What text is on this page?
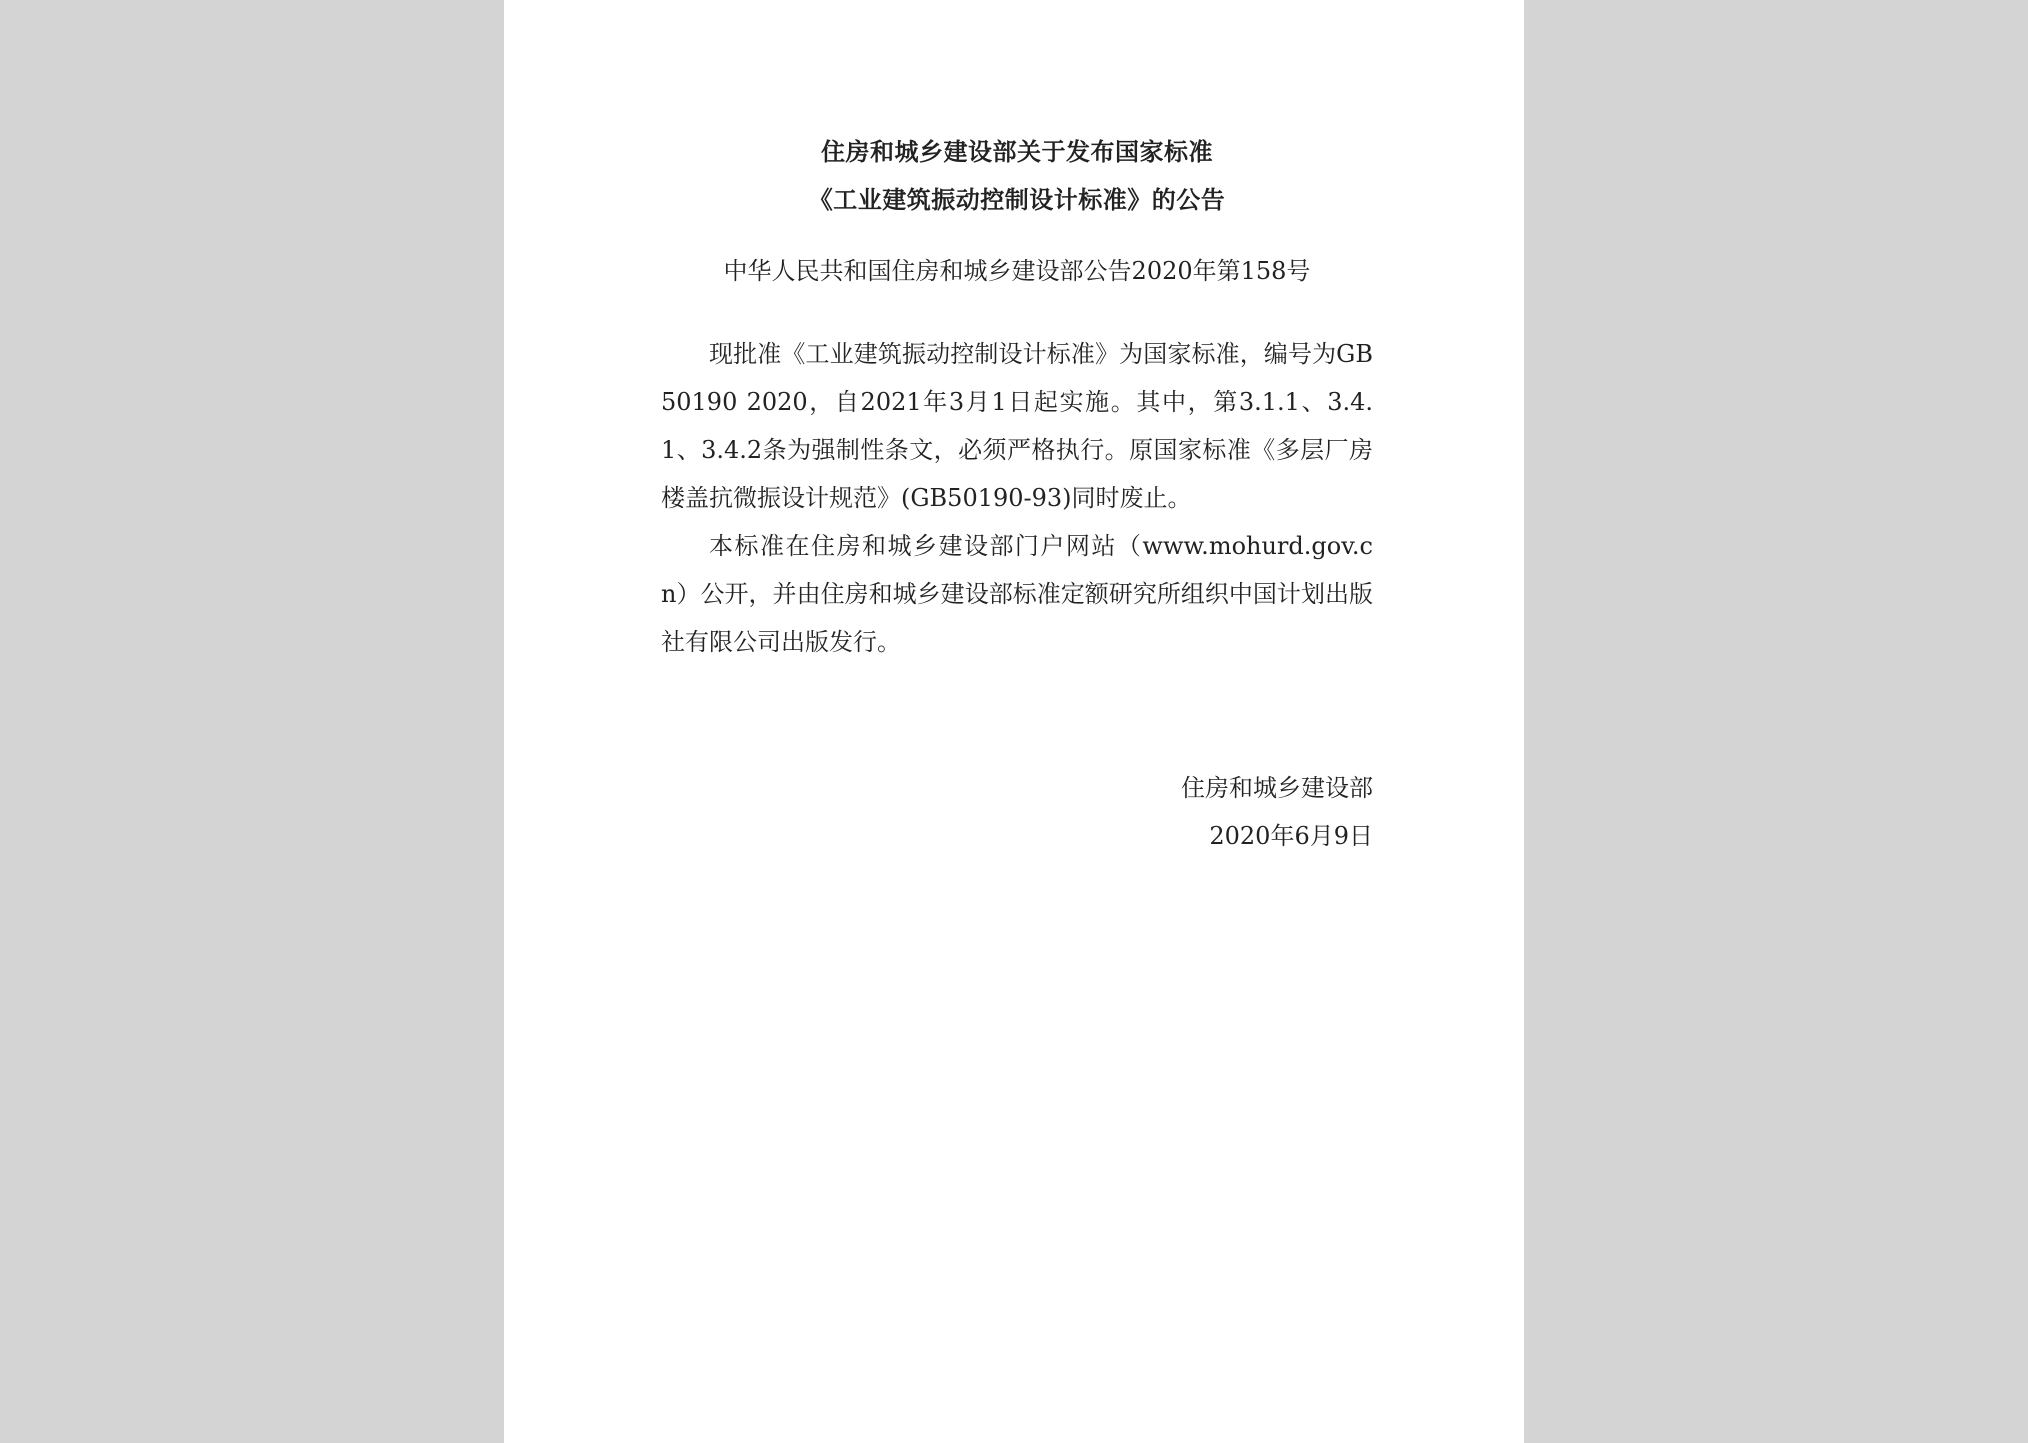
住房和城乡建设部关于发布国家标准
《工业建筑振动控制设计标准》的公告

中华人民共和国住房和城乡建设部公告2020年第158号

现批准《工业建筑振动控制设计标准》为国家标准，编号为GB50190 2020，自2021年3月1日起实施。其中，第3.1.1、3.4.1、3.4.2条为强制性条文，必须严格执行。原国家标准《多层厂房楼盖抗微振设计规范》(GB50190-93)同时废止。

本标准在住房和城乡建设部门户网站（www.mohurd.gov.cn）公开，并由住房和城乡建设部标准定额研究所组织中国计划出版社有限公司出版发行。

住房和城乡建设部
2020年6月9日
